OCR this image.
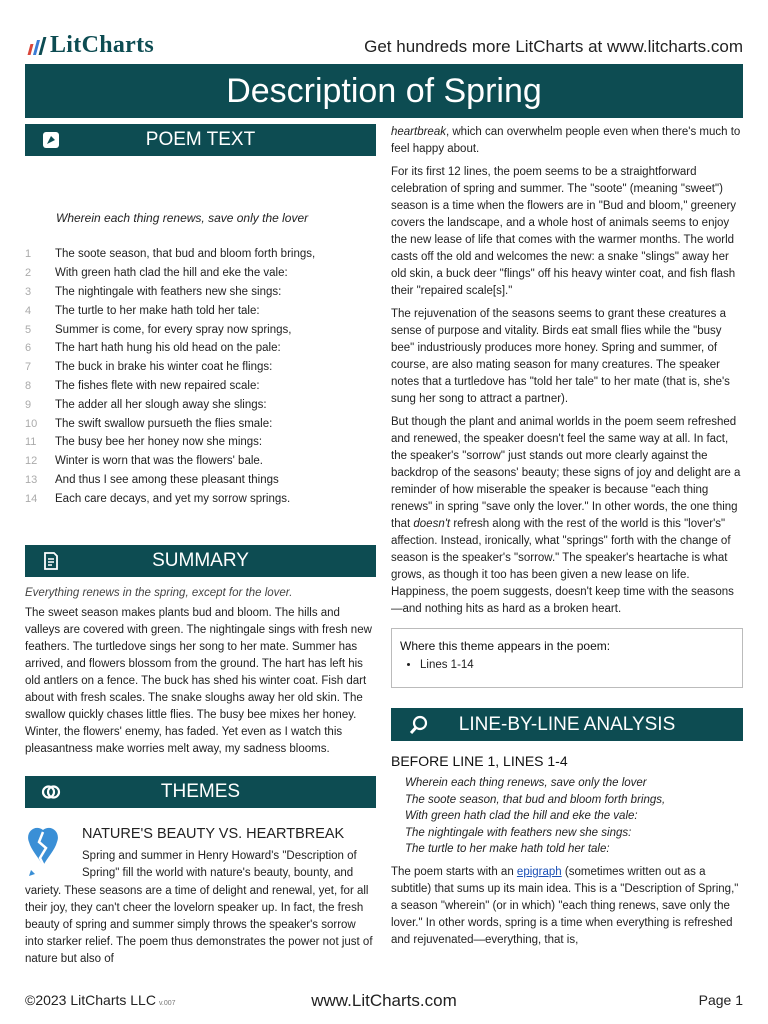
LitCharts	Get hundreds more LitCharts at www.litcharts.com
Description of Spring
POEM TEXT
Wherein each thing renews, save only the lover
1	The soote season, that bud and bloom forth brings,
2	With green hath clad the hill and eke the vale:
3	The nightingale with feathers new she sings:
4	The turtle to her make hath told her tale:
5	Summer is come, for every spray now springs,
6	The hart hath hung his old head on the pale:
7	The buck in brake his winter coat he flings:
8	The fishes flete with new repaired scale:
9	The adder all her slough away she slings:
10	The swift swallow pursueth the flies smale:
11	The busy bee her honey now she mings:
12	Winter is worn that was the flowers' bale.
13	And thus I see among these pleasant things
14	Each care decays, and yet my sorrow springs.
SUMMARY
Everything renews in the spring, except for the lover.

The sweet season makes plants bud and bloom. The hills and valleys are covered with green. The nightingale sings with fresh new feathers. The turtledove sings her song to her mate. Summer has arrived, and flowers blossom from the ground. The hart has left his old antlers on a fence. The buck has shed his winter coat. Fish dart about with fresh scales. The snake sloughs away her old skin. The swallow quickly chases little flies. The busy bee mixes her honey. Winter, the flowers' enemy, has faded. Yet even as I watch this pleasantness make worries melt away, my sadness blooms.

THEMES
NATURE'S BEAUTY VS. HEARTBREAK
Spring and summer in Henry Howard's "Description of Spring" fill the world with nature's beauty, bounty, and variety. These seasons are a time of delight and renewal, yet, for all their joy, they can't cheer the lovelorn speaker up. In fact, the fresh beauty of spring and summer simply throws the speaker's sorrow into starker relief. The poem thus demonstrates the power not just of nature but also of

heartbreak, which can overwhelm people even when there's much to feel happy about.

For its first 12 lines, the poem seems to be a straightforward celebration of spring and summer. The "soote" (meaning "sweet") season is a time when the flowers are in "Bud and bloom," greenery covers the landscape, and a whole host of animals seems to enjoy the new lease of life that comes with the warmer months. The world casts off the old and welcomes the new: a snake "slings" away her old skin, a buck deer "flings" off his heavy winter coat, and fish flash their "repaired scale[s]."

The rejuvenation of the seasons seems to grant these creatures a sense of purpose and vitality. Birds eat small flies while the "busy bee" industriously produces more honey. Spring and summer, of course, are also mating season for many creatures. The speaker notes that a turtledove has "told her tale" to her mate (that is, she's sung her song to attract a partner).

But though the plant and animal worlds in the poem seem refreshed and renewed, the speaker doesn't feel the same way at all. In fact, the speaker's "sorrow" just stands out more clearly against the backdrop of the seasons' beauty; these signs of joy and delight are a reminder of how miserable the speaker is because "each thing renews" in spring "save only the lover." In other words, the one thing that doesn't refresh along with the rest of the world is this "lover's" affection. Instead, ironically, what "springs" forth with the change of season is the speaker's "sorrow." The speaker's heartache is what grows, as though it too has been given a new lease on life. Happiness, the poem suggests, doesn't keep time with the seasons—and nothing hits as hard as a broken heart.

Where this theme appears in the poem:
• Lines 1-14
LINE-BY-LINE ANALYSIS
BEFORE LINE 1, LINES 1-4
Wherein each thing renews, save only the lover
The soote season, that bud and bloom forth brings,
With green hath clad the hill and eke the vale:
The nightingale with feathers new she sings:
The turtle to her make hath told her tale:

The poem starts with an epigraph (sometimes written out as a subtitle) that sums up its main idea. This is a "Description of Spring," a season "wherein" (or in which) "each thing renews, save only the lover." In other words, spring is a time when everything is refreshed and rejuvenated—everything, that is,

©2023 LitCharts LLC v.007	www.LitCharts.com	Page 1
